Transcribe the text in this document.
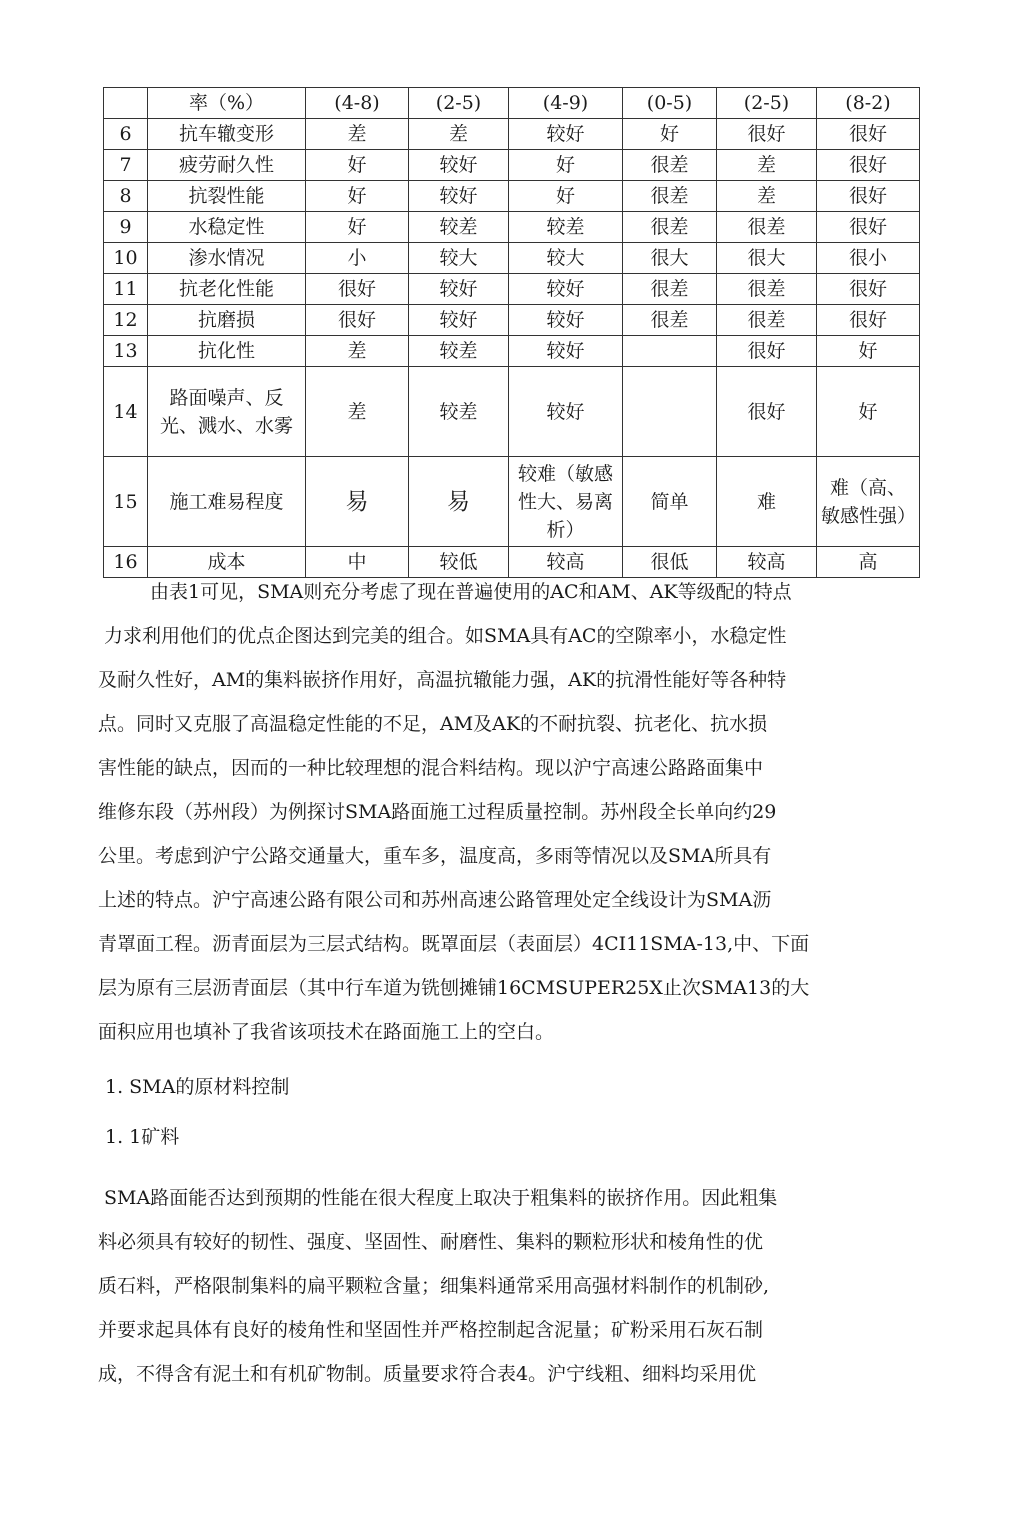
	率（%）	(4-8)	(2-5)	(4-9)	(0-5)	(2-5)	(8-2)
6	抗车辙变形	差	差	较好	好	很好	很好
7	疲劳耐久性	好	较好	好	很差	差	很好
8	抗裂性能	好	较好	好	很差	差	很好
9	水稳定性	好	较差	较差	很差	很差	很好
10	渗水情况	小	较大	较大	很大	很大	很小
11	抗老化性能	很好	较好	较好	很差	很差	很好
12	抗磨损	很好	较好	较好	很差	很差	很好
13	抗化性	差	较差	较好		很好	好
14	路面噪声、反光、溅水、水雾	差	较差	较好		很好	好
15	施工难易程度	易	易	较难（敏感性大、易离析）	简单	难	难（高、敏感性强）
16	成本	中	较低	较高	很低	较高	高
由表1可见，SMA则充分考虑了现在普遍使用的AC和AM、AK等级配的特点
力求利用他们的优点企图达到完美的组合。如SMA具有AC的空隙率小，水稳定性
及耐久性好，AM的集料嵌挤作用好，高温抗辙能力强，AK的抗滑性能好等各种特
点。同时又克服了高温稳定性能的不足，AM及AK的不耐抗裂、抗老化、抗水损
害性能的缺点，因而的一种比较理想的混合料结构。现以沪宁高速公路路面集中
维修东段（苏州段）为例探讨SMA路面施工过程质量控制。苏州段全长单向约29
公里。考虑到沪宁公路交通量大，重车多，温度高，多雨等情况以及SMA所具有
上述的特点。沪宁高速公路有限公司和苏州高速公路管理处定全线设计为SMA沥
青罩面工程。沥青面层为三层式结构。既罩面层（表面层）4CI11SMA-13,中、下面
层为原有三层沥青面层（其中行车道为铣刨摊铺16CMSUPER25X止次SMA13的大
面积应用也填补了我省该项技术在路面施工上的空白。

1. SMA的原材料控制

1. 1矿料

SMA路面能否达到预期的性能在很大程度上取决于粗集料的嵌挤作用。因此粗集
料必须具有较好的韧性、强度、坚固性、耐磨性、集料的颗粒形状和棱角性的优
质石料，严格限制集料的扁平颗粒含量；细集料通常采用高强材料制作的机制砂,
并要求起具体有良好的棱角性和坚固性并严格控制起含泥量；矿粉采用石灰石制
成，不得含有泥土和有机矿物制。质量要求符合表4。沪宁线粗、细料均采用优
